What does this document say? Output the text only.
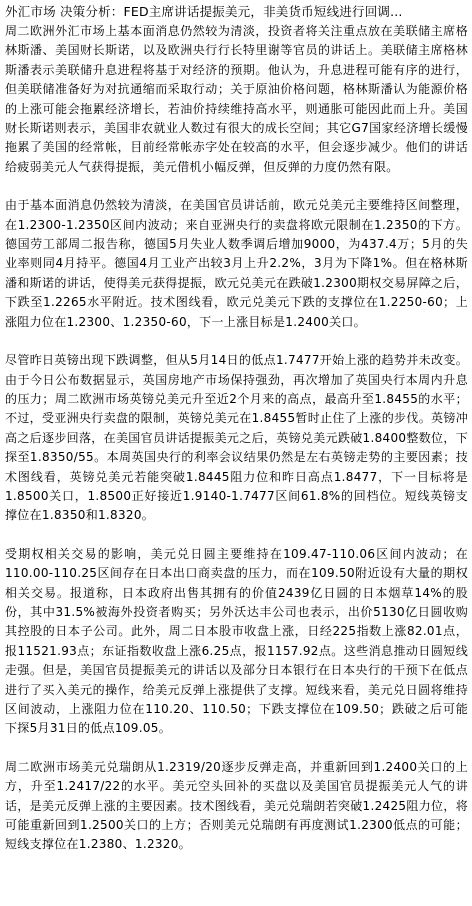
外汇市场 决策分析：FED主席讲话提振美元，非美货币短线进行回调...
周二欧洲外汇市场上基本面消息仍然较为清淡，投资者将关注重点放在美联储主席格林斯潘、美国财长斯诺，以及欧洲央行行长特里谢等官员的讲话上。美联储主席格林斯潘表示美联储升息进程将基于对经济的预期。他认为，升息进程可能有序的进行，但美联储准备好为对抗通缩而采取行动；关于原油价格问题，格林斯潘认为能源价格的上涨可能会拖累经济增长，若油价持续维持高水平，则通胀可能因此而上升。美国财长斯诺则表示，美国非农就业人数过有很大的成长空间；其它G7国家经济增长缓慢拖累了美国的经常帐，目前经常帐赤字处在较高的水平，但会逐步减少。他们的讲话给疲弱美元人气获得提振，美元借机小幅反弹，但反弹的力度仍然有限。
由于基本面消息仍然较为清淡，在美国官员讲话前，欧元兑美元主要维持区间整理，在1.2300-1.2350区间内波动；来自亚洲央行的卖盘将欧元限制在1.2350的下方。德国劳工部周二报告称，德国5月失业人数季调后增加9000，为437.4万；5月的失业率则同4月持平。德国4月工业产出较3月上升2.2%，3月为下降1%。但在格林斯潘和斯诺的讲话，使得美元获得提振，欧元兑美元在跌破1.2300期权交易屏障之后，下跌至1.2265水平附近。技术图线看，欧元兑美元下跌的支撑位在1.2250-60；上涨阻力位在1.2300、1.2350-60，下一上涨目标是1.2400关口。
尽管昨日英镑出现下跌调整，但从5月14日的低点1.7477开始上涨的趋势并未改变。由于今日公布数据显示，英国房地产市场保持强劲，再次增加了英国央行本周内升息的压力；周二欧洲市场英镑兑美元升至近2个月来的高点，最高升至1.8455的水平；不过，受亚洲央行卖盘的限制，英镑兑美元在1.8455暂时止住了上涨的步伐。英镑冲高之后逐步回落，在美国官员讲话提振美元之后，英镑兑美元跌破1.8400整数位，下探至1.8350/55。本周英国央行的利率会议结果仍然是左右英镑走势的主要因素；技术图线看，英镑兑美元若能突破1.8445阻力位和昨日高点1.8477，下一目标将是1.8500关口，1.8500正好接近1.9140-1.7477区间61.8%的回档位。短线英镑支撑位在1.8350和1.8320。
受期权相关交易的影响，美元兑日圆主要维持在109.47-110.06区间内波动；在110.00-110.25区间存在日本出口商卖盘的压力，而在109.50附近设有大量的期权相关交易。报道称，日本政府出售其拥有的价值2439亿日圆的日本烟草14%的股份，其中31.5%被海外投资者购买；另外沃达丰公司也表示，出价5130亿日圆收购其控股的日本子公司。此外，周二日本股市收盘上涨，日经225指数上涨82.01点，报11521.93点；东证指数收盘上涨6.25点，报1157.92点。这些消息推动日圆短线走强。但是，美国官员提振美元的讲话以及部分日本银行在日本央行的干预下在低点进行了买入美元的操作，给美元反弹上涨提供了支撑。短线来看，美元兑日圆将维持区间波动，上涨阻力位在110.20、110.50；下跌支撑位在109.50；跌破之后可能下探5月31日的低点109.05。
周二欧洲市场美元兑瑞朗从1.2319/20逐步反弹走高，并重新回到1.2400关口的上方，升至1.2417/22的水平。美元空头回补的买盘以及美国官员提振美元人气的讲话，是美元反弹上涨的主要因素。技术图线看，美元兑瑞朗若突破1.2425阻力位，将可能重新回到1.2500关口的上方；否则美元兑瑞朗有再度测试1.2300低点的可能；短线支撑位在1.2380、1.2320。
